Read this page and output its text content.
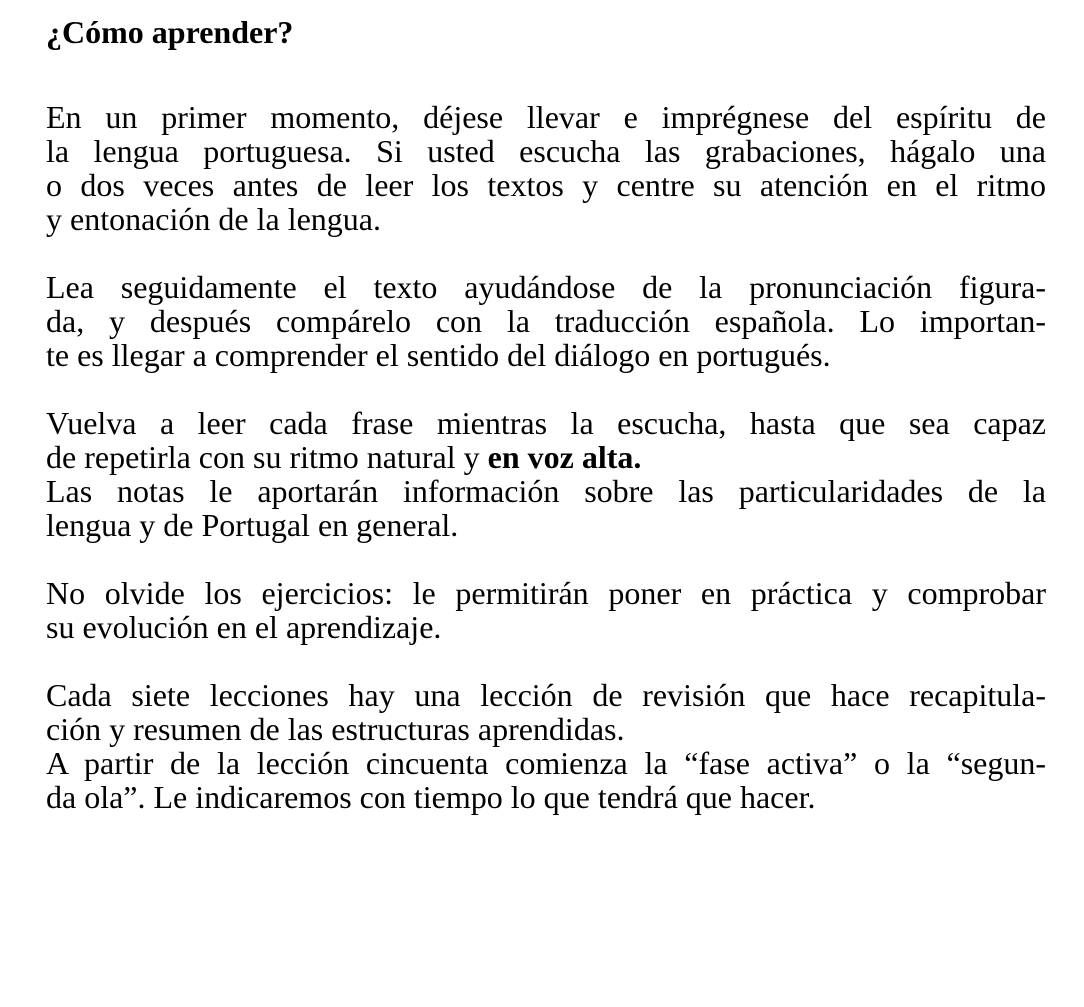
¿Cómo aprender?
En un primer momento, déjese llevar e imprégnese del espíritu de
la lengua portuguesa. Si usted escucha las grabaciones, hágalo una
o dos veces antes de leer los textos y centre su atención en el ritmo
y entonación de la lengua.
Lea seguidamente el texto ayudándose de la pronunciación figura-
da, y después compárelo con la traducción española. Lo importan-
te es llegar a comprender el sentido del diálogo en portugués.
Vuelva a leer cada frase mientras la escucha, hasta que sea capaz
de repetirla con su ritmo natural y en voz alta.
Las notas le aportarán información sobre las particularidades de la
lengua y de Portugal en general.
No olvide los ejercicios: le permitirán poner en práctica y comprobar
su evolución en el aprendizaje.
Cada siete lecciones hay una lección de revisión que hace recapitula-
ción y resumen de las estructuras aprendidas.
A partir de la lección cincuenta comienza la “fase activa” o la “segun-
da ola”. Le indicaremos con tiempo lo que tendrá que hacer.
